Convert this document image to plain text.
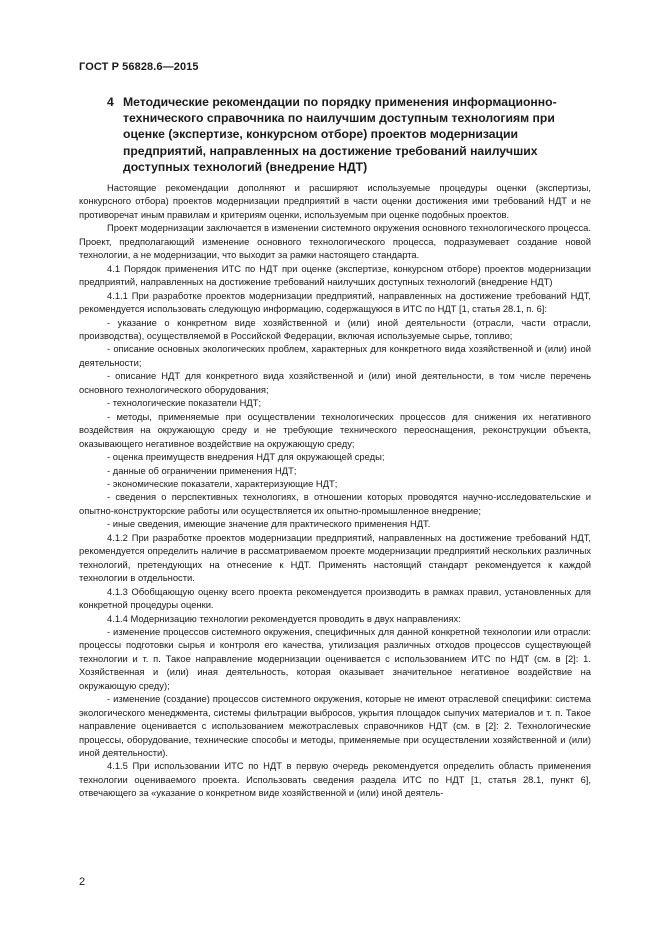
ГОСТ Р 56828.6—2015
4 Методические рекомендации по порядку применения информационно-технического справочника по наилучшим доступным технологиям при оценке (экспертизе, конкурсном отборе) проектов модернизации предприятий, направленных на достижение требований наилучших доступных технологий (внедрение НДТ)

Настоящие рекомендации дополняют и расширяют используемые процедуры оценки (экспертизы, конкурсного отбора) проектов модернизации предприятий в части оценки достижения ими требований НДТ и не противоречат иным правилам и критериям оценки, используемым при оценке подобных проектов.

Проект модернизации заключается в изменении системного окружения основного технологического процесса. Проект, предполагающий изменение основного технологического процесса, подразумевает создание новой технологии, а не модернизации, что выходит за рамки настоящего стандарта.

4.1 Порядок применения ИТС по НДТ при оценке (экспертизе, конкурсном отборе) проектов модернизации предприятий, направленных на достижение требований наилучших доступных технологий (внедрение НДТ)

4.1.1 При разработке проектов модернизации предприятий, направленных на достижение требований НДТ, рекомендуется использовать следующую информацию, содержащуюся в ИТС по НДТ [1, статья 28.1, п. 6]:

- указание о конкретном виде хозяйственной и (или) иной деятельности (отрасли, части отрасли, производства), осуществляемой в Российской Федерации, включая используемые сырье, топливо;

- описание основных экологических проблем, характерных для конкретного вида хозяйственной и (или) иной деятельности;

- описание НДТ для конкретного вида хозяйственной и (или) иной деятельности, в том числе перечень основного технологического оборудования;

- технологические показатели НДТ;

- методы, применяемые при осуществлении технологических процессов для снижения их негативного воздействия на окружающую среду и не требующие технического переоснащения, реконструкции объекта, оказывающего негативное воздействие на окружающую среду;

- оценка преимуществ внедрения НДТ для окружающей среды;

- данные об ограничении применения НДТ;

- экономические показатели, характеризующие НДТ;

- сведения о перспективных технологиях, в отношении которых проводятся научно-исследовательские и опытно-конструкторские работы или осуществляется их опытно-промышленное внедрение;

- иные сведения, имеющие значение для практического применения НДТ.

4.1.2 При разработке проектов модернизации предприятий, направленных на достижение требований НДТ, рекомендуется определить наличие в рассматриваемом проекте модернизации предприятий нескольких различных технологий, претендующих на отнесение к НДТ. Применять настоящий стандарт рекомендуется к каждой технологии в отдельности.

4.1.3 Обобщающую оценку всего проекта рекомендуется производить в рамках правил, установленных для конкретной процедуры оценки.

4.1.4 Модернизацию технологии рекомендуется проводить в двух направлениях:

- изменение процессов системного окружения, специфичных для данной конкретной технологии или отрасли: процессы подготовки сырья и контроля его качества, утилизация различных отходов процессов существующей технологии и т. п. Такое направление модернизации оценивается с использованием ИТС по НДТ (см. в [2]: 1. Хозяйственная и (или) иная деятельность, которая оказывает значительное негативное воздействие на окружающую среду);

- изменение (создание) процессов системного окружения, которые не имеют отраслевой специфики: система экологического менеджмента, системы фильтрации выбросов, укрытия площадок сыпучих материалов и т. п. Такое направление оценивается с использованием межотраслевых справочников НДТ (см. в [2]: 2. Технологические процессы, оборудование, технические способы и методы, применяемые при осуществлении хозяйственной и (или) иной деятельности).

4.1.5 При использовании ИТС по НДТ в первую очередь рекомендуется определить область применения технологии оцениваемого проекта. Использовать сведения раздела ИТС по НДТ [1, статья 28.1, пункт 6], отвечающего за «указание о конкретном виде хозяйственной и (или) иной деятель-

2
